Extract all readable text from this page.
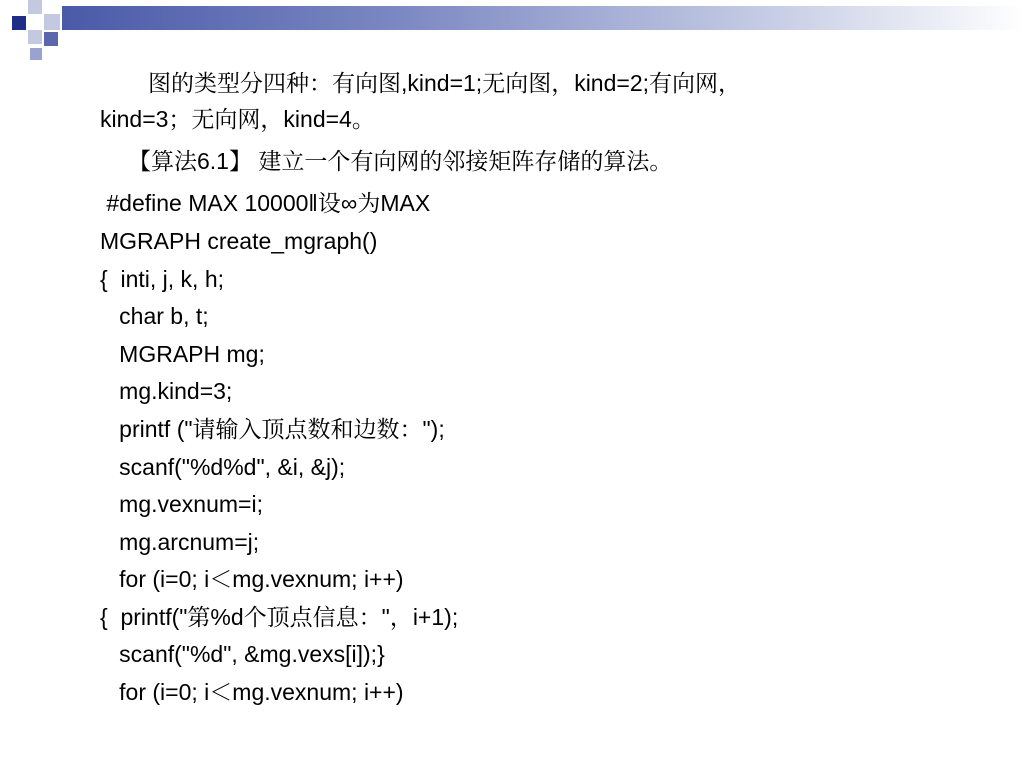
图的类型分四种：有向图,kind=1;无向图，kind=2;有向网，
kind=3；无向网，kind=4。
【算法6.1】 建立一个有向网的邻接矩阵存储的算法。
#define MAX 10000‖设∞为MAX
MGRAPH create_mgraph()
{  inti, j, k, h;
char b, t;
MGRAPH mg;
mg.kind=3;
printf ("请输入顶点数和边数：");
scanf("%d%d", &i, &j);
mg.vexnum=i;
mg.arcnum=j;
for (i=0; i＜mg.vexnum; i++)
{  printf("第%d个顶点信息："，i+1);
scanf("%d", &mg.vexs[i]);}
for (i=0; i＜mg.vexnum; i++)
